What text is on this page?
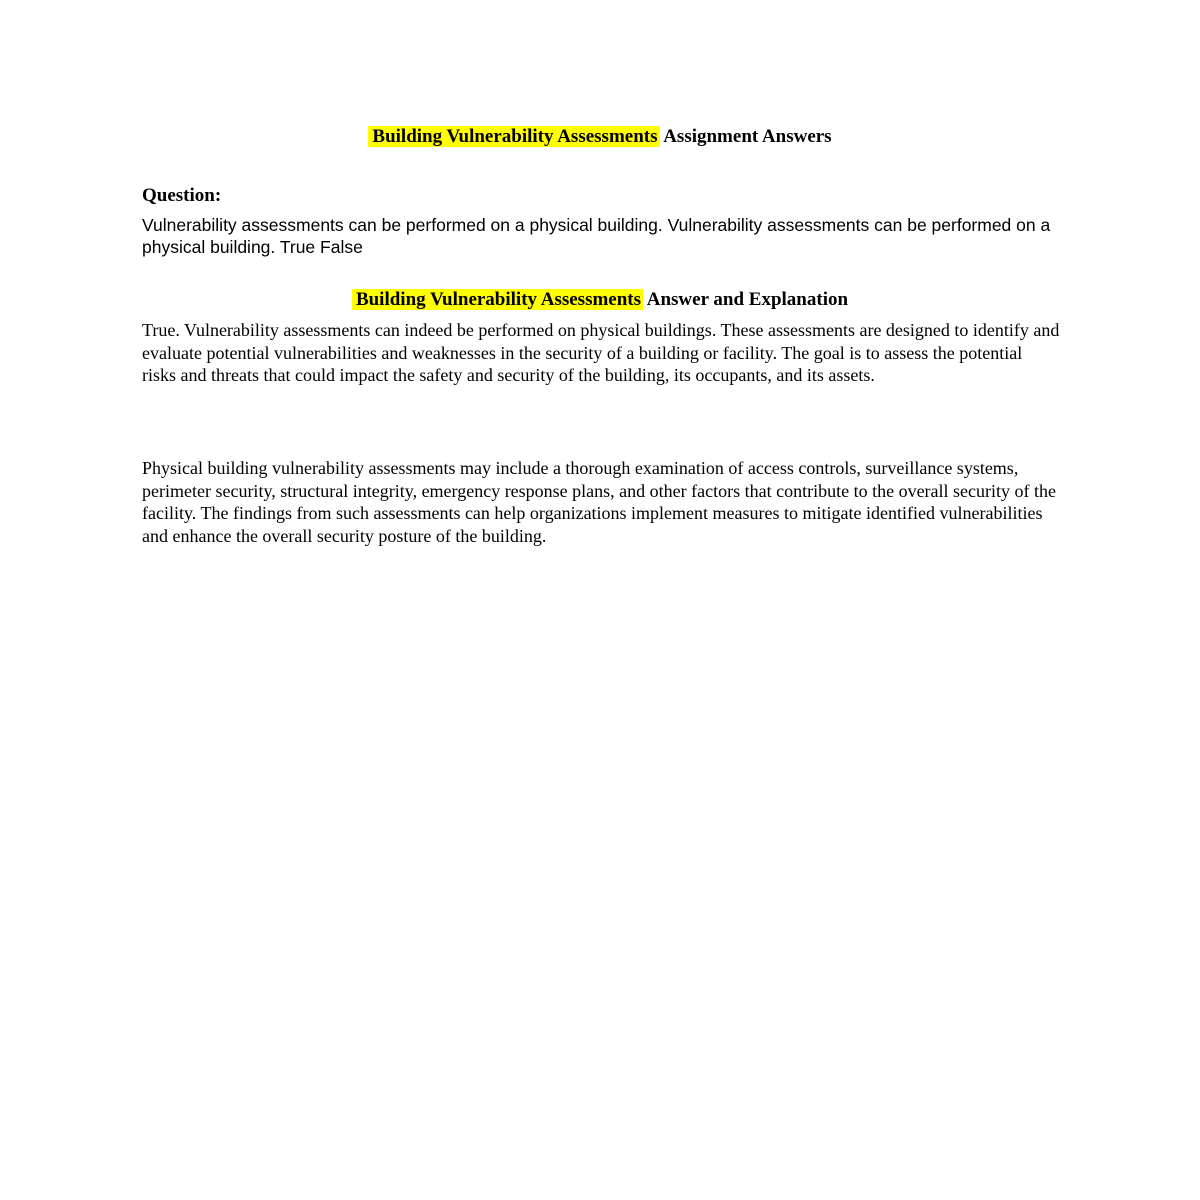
Building Vulnerability Assessments Assignment Answers
Question:
Vulnerability assessments can be performed on a physical building. Vulnerability assessments can be performed on a physical building. True False
Building Vulnerability Assessments Answer and Explanation
True. Vulnerability assessments can indeed be performed on physical buildings. These assessments are designed to identify and evaluate potential vulnerabilities and weaknesses in the security of a building or facility. The goal is to assess the potential risks and threats that could impact the safety and security of the building, its occupants, and its assets.
Physical building vulnerability assessments may include a thorough examination of access controls, surveillance systems, perimeter security, structural integrity, emergency response plans, and other factors that contribute to the overall security of the facility. The findings from such assessments can help organizations implement measures to mitigate identified vulnerabilities and enhance the overall security posture of the building.
